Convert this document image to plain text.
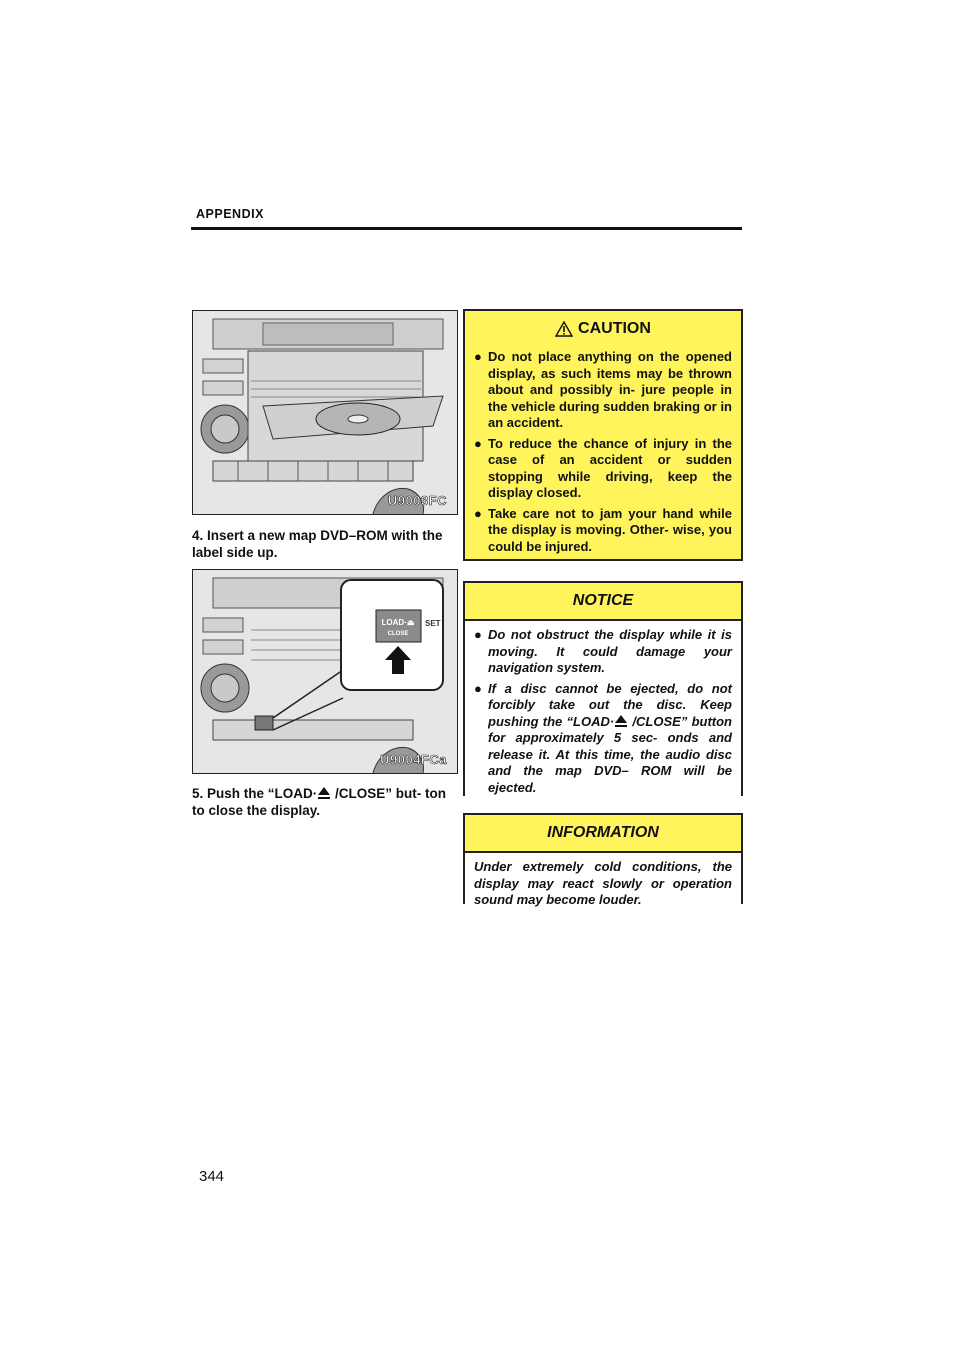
APPENDIX
U9003FC
4. Insert a new map DVD–ROM with the label side up.
LOAD·⏏
CLOSE
SET
U9004FCa
5. Push the “LOAD· /CLOSE” but- ton to close the display.
CAUTION
● Do not place anything on the opened display, as such items may be thrown about and possibly in- jure people in the vehicle during sudden braking or in an accident.
● To reduce the chance of injury in the case of an accident or sudden stopping while driving, keep the display closed.
● Take care not to jam your hand while the display is moving. Other- wise, you could be injured.
NOTICE
● Do not obstruct the display while it is moving. It could damage your navigation system.
● If a disc cannot be ejected, do not forcibly take out the disc. Keep pushing the “LOAD· /CLOSE” button for approximately 5 sec- onds and release it. At this time, the audio disc and the map DVD– ROM will be ejected.
INFORMATION
Under extremely cold conditions, the display may react slowly or operation sound may become louder.
344
